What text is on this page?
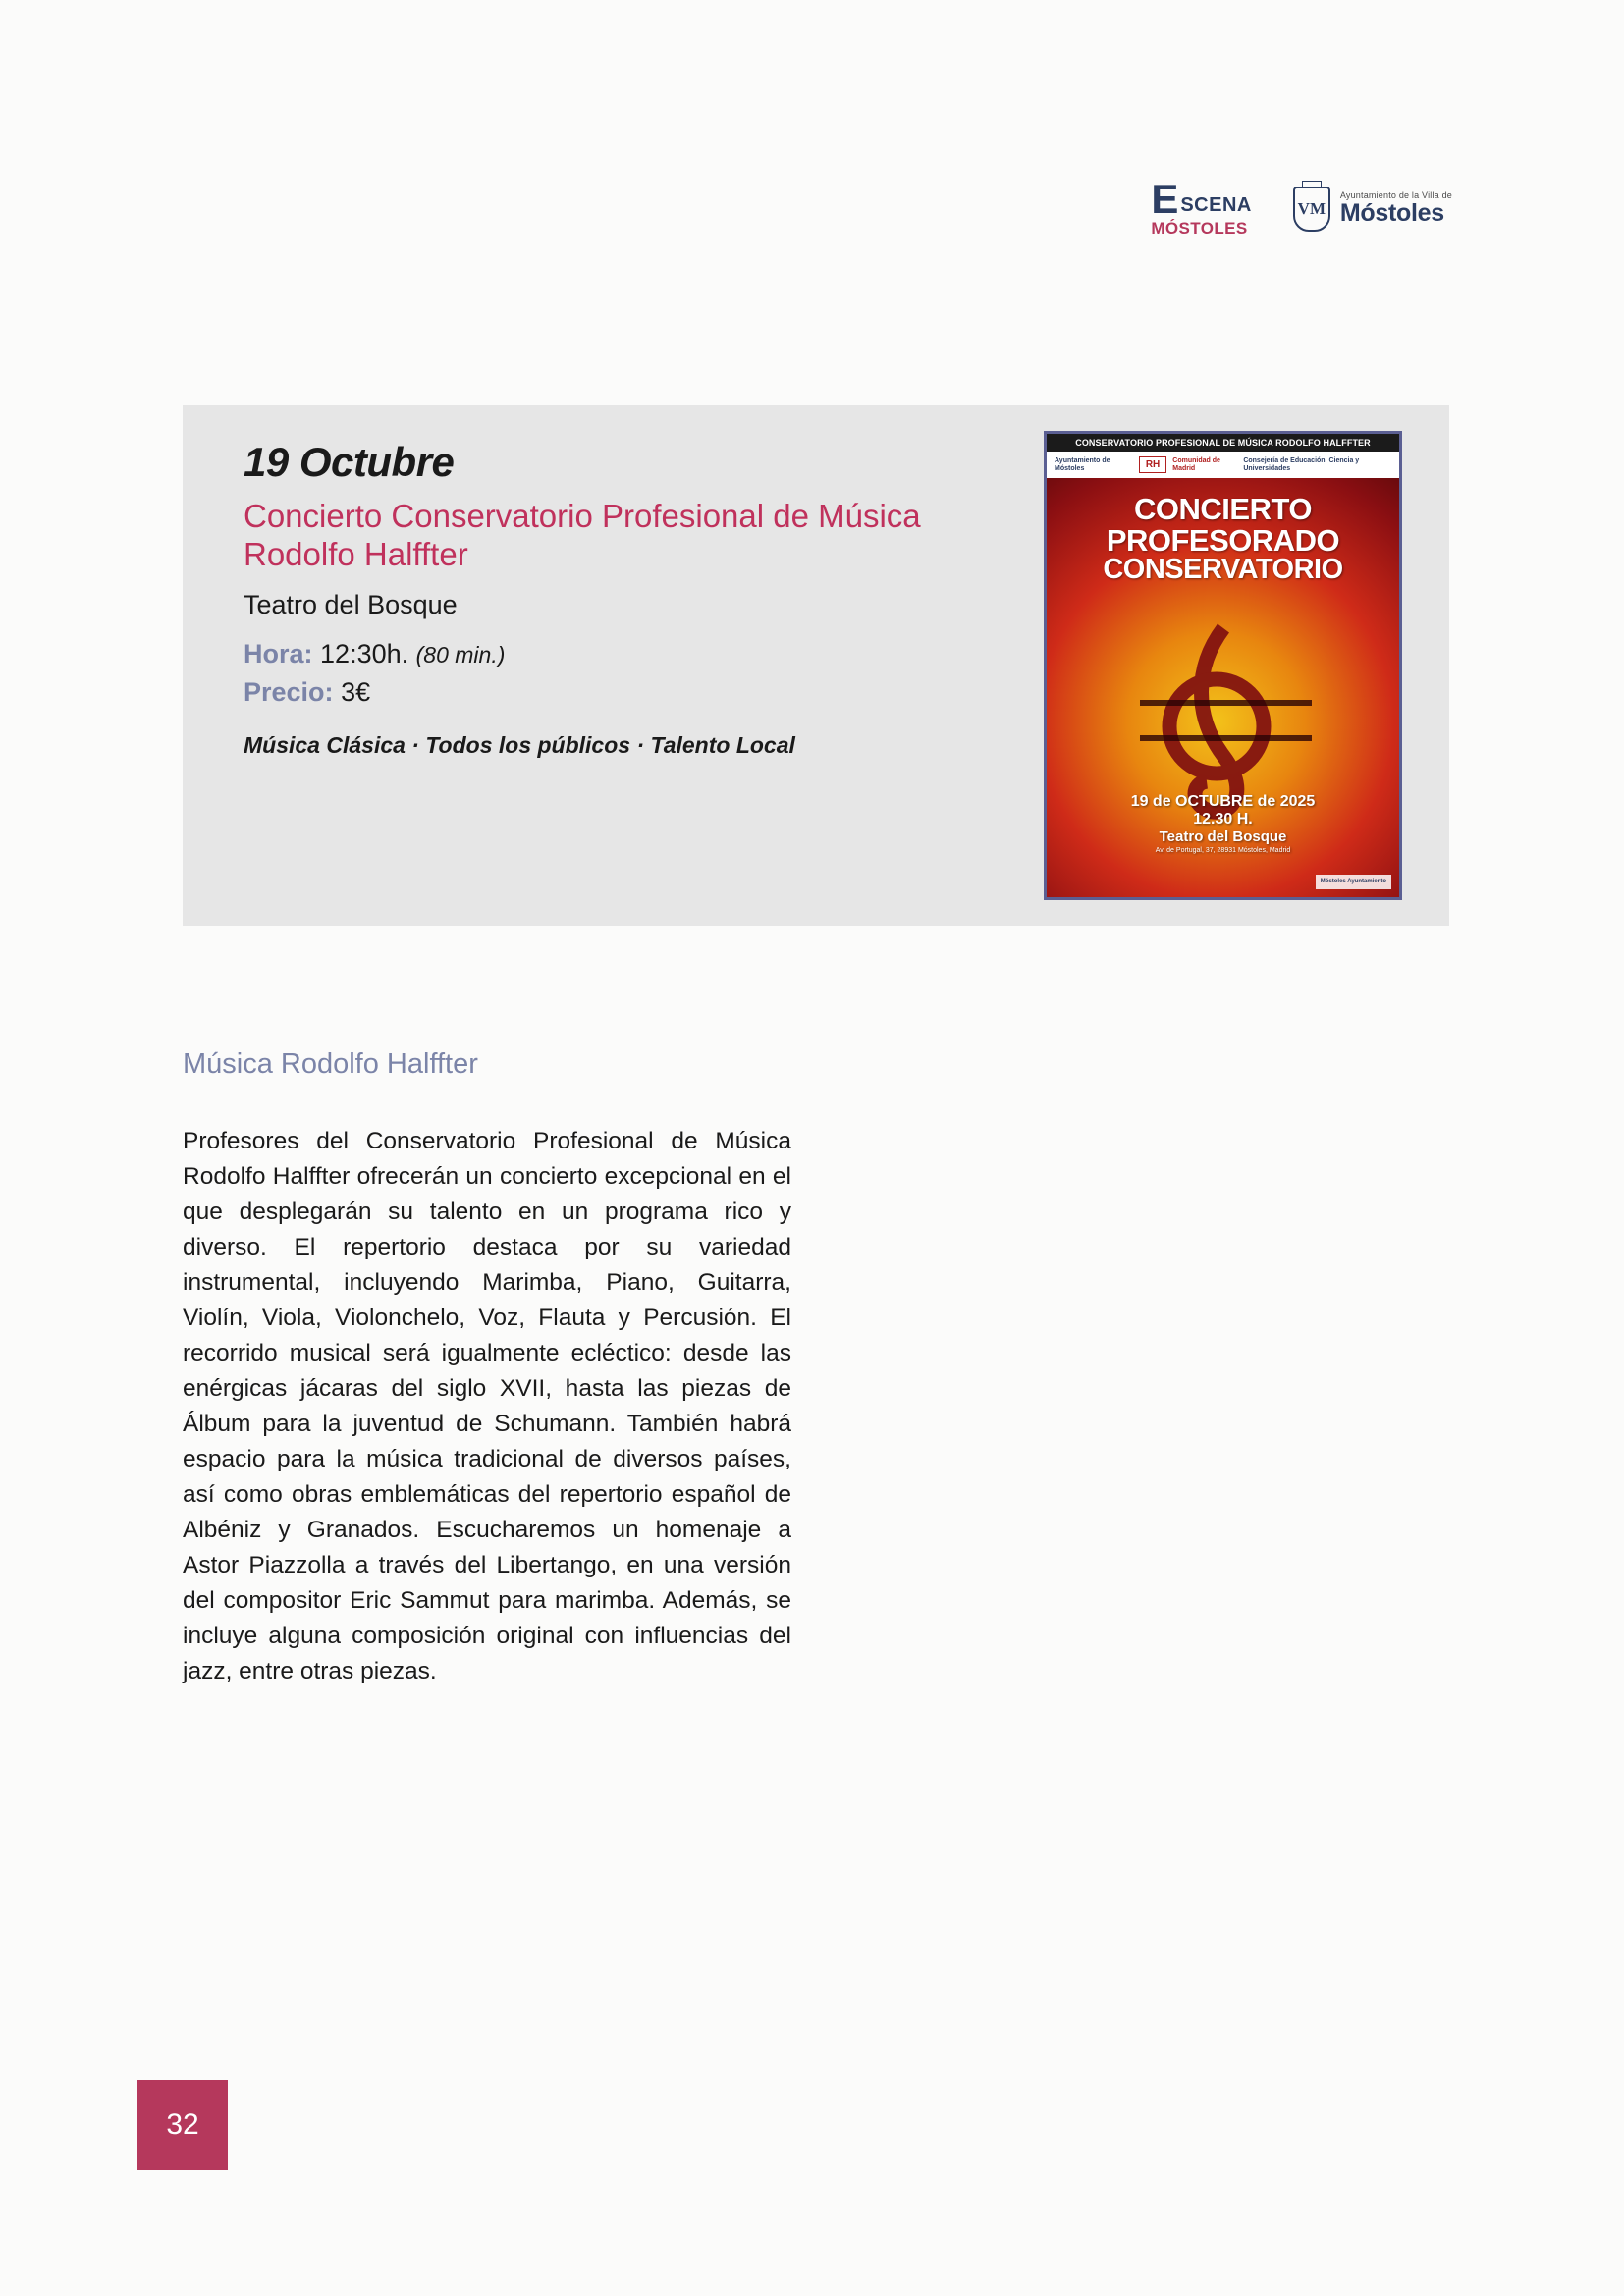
E SCENA
MÓSTOLES
VM
Ayuntamiento de la Villa de
Móstoles
19 Octubre
Concierto Conservatorio Profesional de Música Rodolfo Halffter

Teatro del Bosque

Hora: 12:30h. (80 min.)

Precio: 3€

Música Clásica · Todos los públicos · Talento Local

CONSERVATORIO PROFESIONAL DE MÚSICA RODOLFO HALFFTER
Ayuntamiento de Móstoles	RH	Comunidad de Madrid
Consejería de Educación, Ciencia y Universidades
CONCIERTO
PROFESORADO
CONSERVATORIO
19 de OCTUBRE de 2025
12.30 H.
Teatro del Bosque
Av. de Portugal, 37, 28931 Móstoles, Madrid
Móstoles Ayuntamiento
Música Rodolfo Halffter
Profesores del Conservatorio Profesional de Música Rodolfo Halffter ofrecerán un concierto excepcional en el que desplegarán su talento en un programa rico y diverso. El repertorio destaca por su variedad instrumental, incluyendo Marimba, Piano, Guitarra, Violín, Viola, Violonchelo, Voz, Flauta y Percusión. El recorrido musical será igualmente ecléctico: desde las enérgicas jácaras del siglo XVII, hasta las piezas de Álbum para la juventud de Schumann. También habrá espacio para la música tradicional de diversos países, así como obras emblemáticas del repertorio español de Albéniz y Granados. Escucharemos un homenaje a Astor Piazzolla a través del Libertango, en una versión del compositor Eric Sammut para marimba. Además, se incluye alguna composición original con influencias del jazz, entre otras piezas.
32
